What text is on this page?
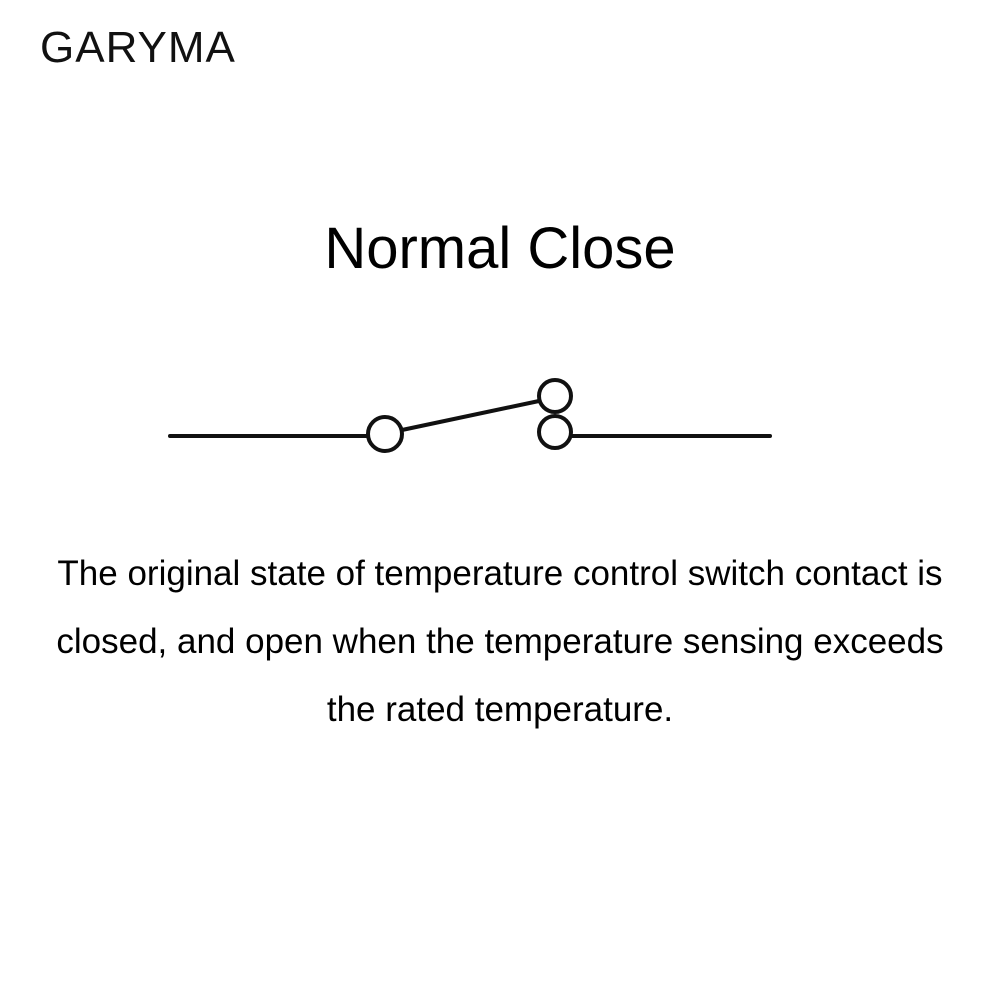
GARYMA
Normal Close
The original state of temperature control switch contact is
closed, and open when the temperature sensing exceeds
the rated temperature.
